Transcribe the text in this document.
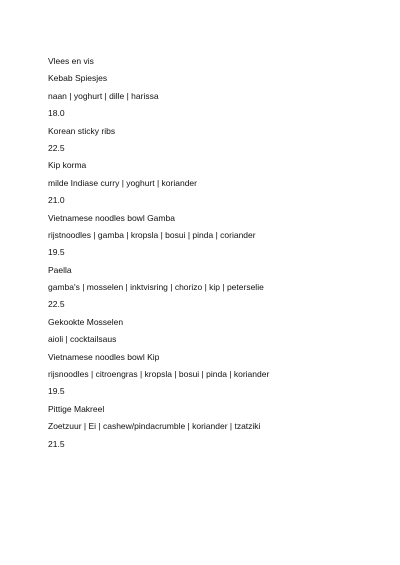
Vlees en vis
Kebab Spiesjes
naan | yoghurt | dille | harissa
18.0
Korean sticky ribs
22.5
Kip korma
milde Indiase curry | yoghurt | koriander
21.0
Vietnamese noodles bowl Gamba
rijstnoodles | gamba | kropsla | bosui | pinda | coriander
19.5
Paella
gamba's | mosselen | inktvisring | chorizo | kip | peterselie
22.5
Gekookte Mosselen
aioli | cocktailsaus
Vietnamese noodles bowl Kip
rijsnoodles | citroengras | kropsla | bosui | pinda | koriander
19.5
Pittige Makreel
Zoetzuur | Ei | cashew/pindacrumble | koriander | tzatziki
21.5
